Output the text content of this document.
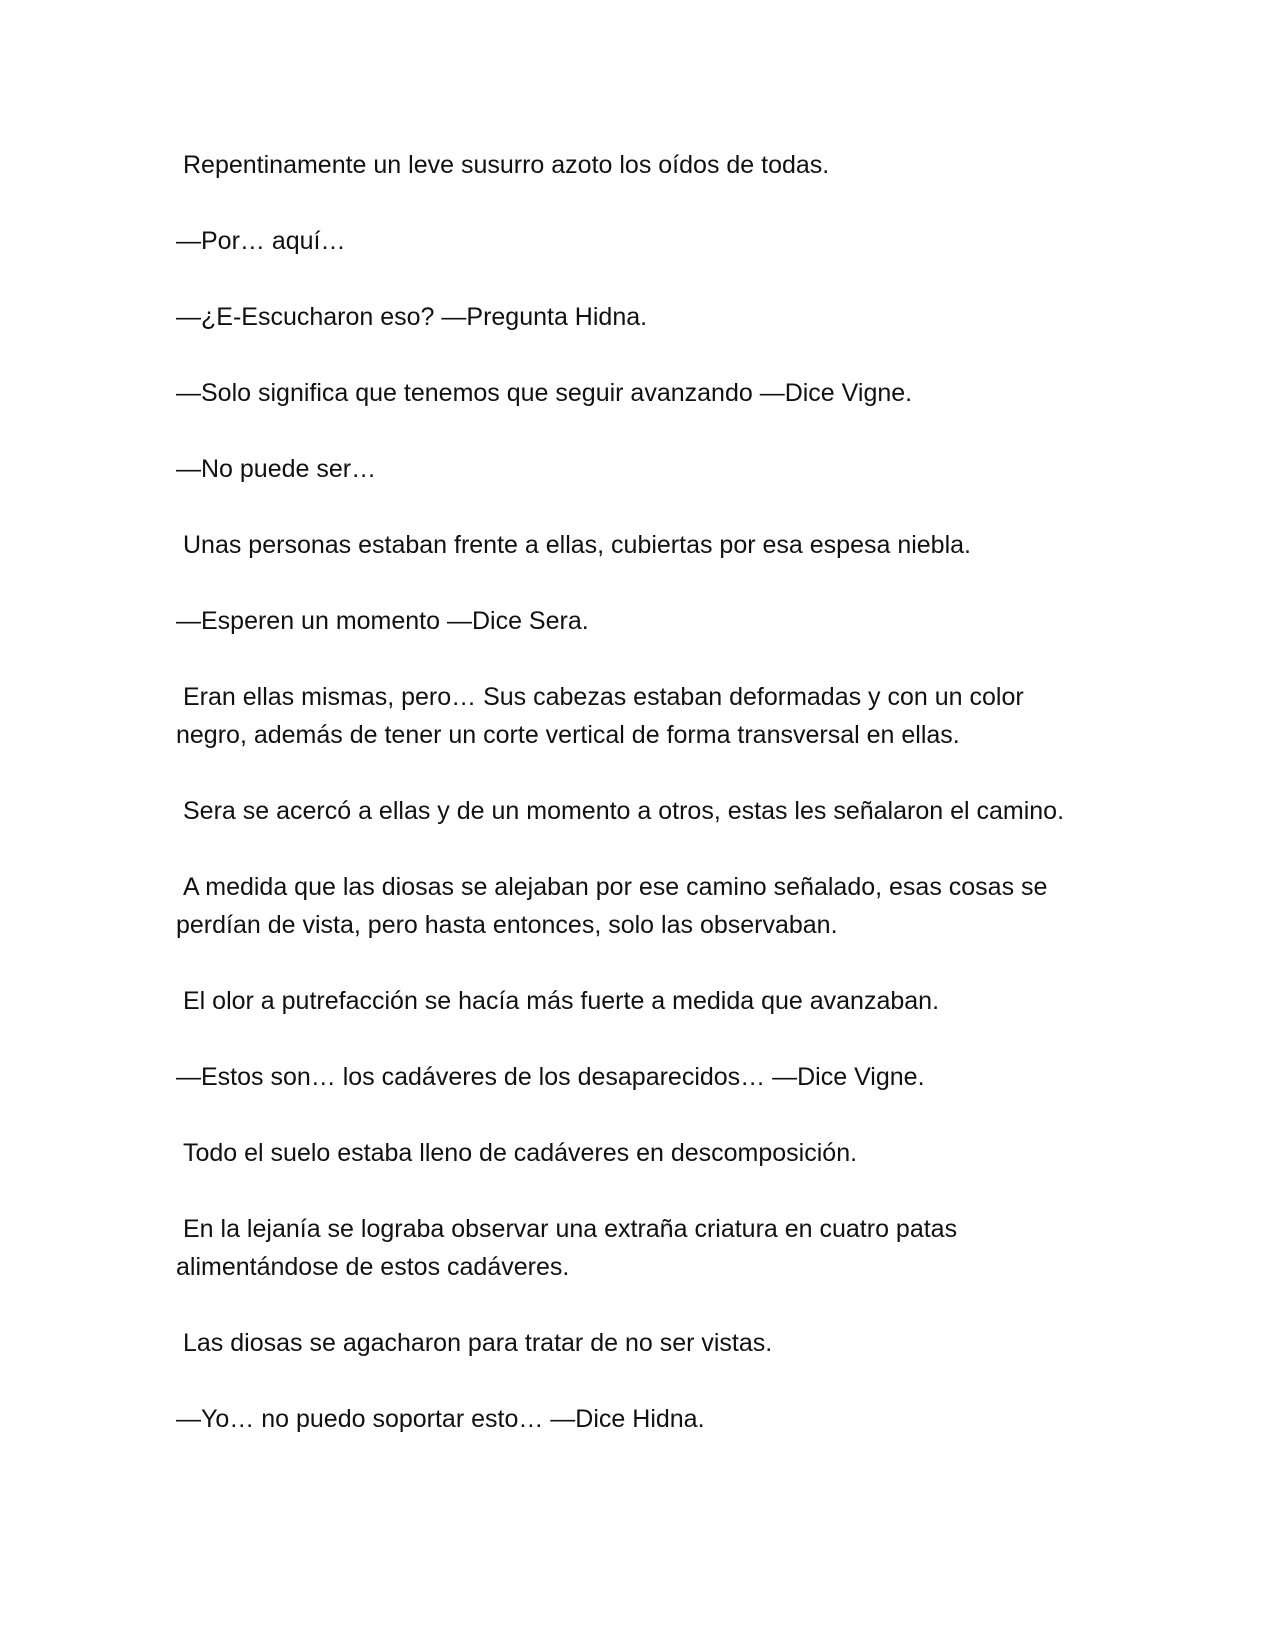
Repentinamente un leve susurro azoto los oídos de todas.

—Por… aquí…

—¿E-Escucharon eso? —Pregunta Hidna.

—Solo significa que tenemos que seguir avanzando —Dice Vigne.

—No puede ser…

Unas personas estaban frente a ellas, cubiertas por esa espesa niebla.

—Esperen un momento —Dice Sera.

Eran ellas mismas, pero… Sus cabezas estaban deformadas y con un color negro, además de tener un corte vertical de forma transversal en ellas.

Sera se acercó a ellas y de un momento a otros, estas les señalaron el camino.

A medida que las diosas se alejaban por ese camino señalado, esas cosas se perdían de vista, pero hasta entonces, solo las observaban.

El olor a putrefacción se hacía más fuerte a medida que avanzaban.

—Estos son… los cadáveres de los desaparecidos… —Dice Vigne.

Todo el suelo estaba lleno de cadáveres en descomposición.

En la lejanía se lograba observar una extraña criatura en cuatro patas alimentándose de estos cadáveres.

Las diosas se agacharon para tratar de no ser vistas.

—Yo… no puedo soportar esto… —Dice Hidna.
